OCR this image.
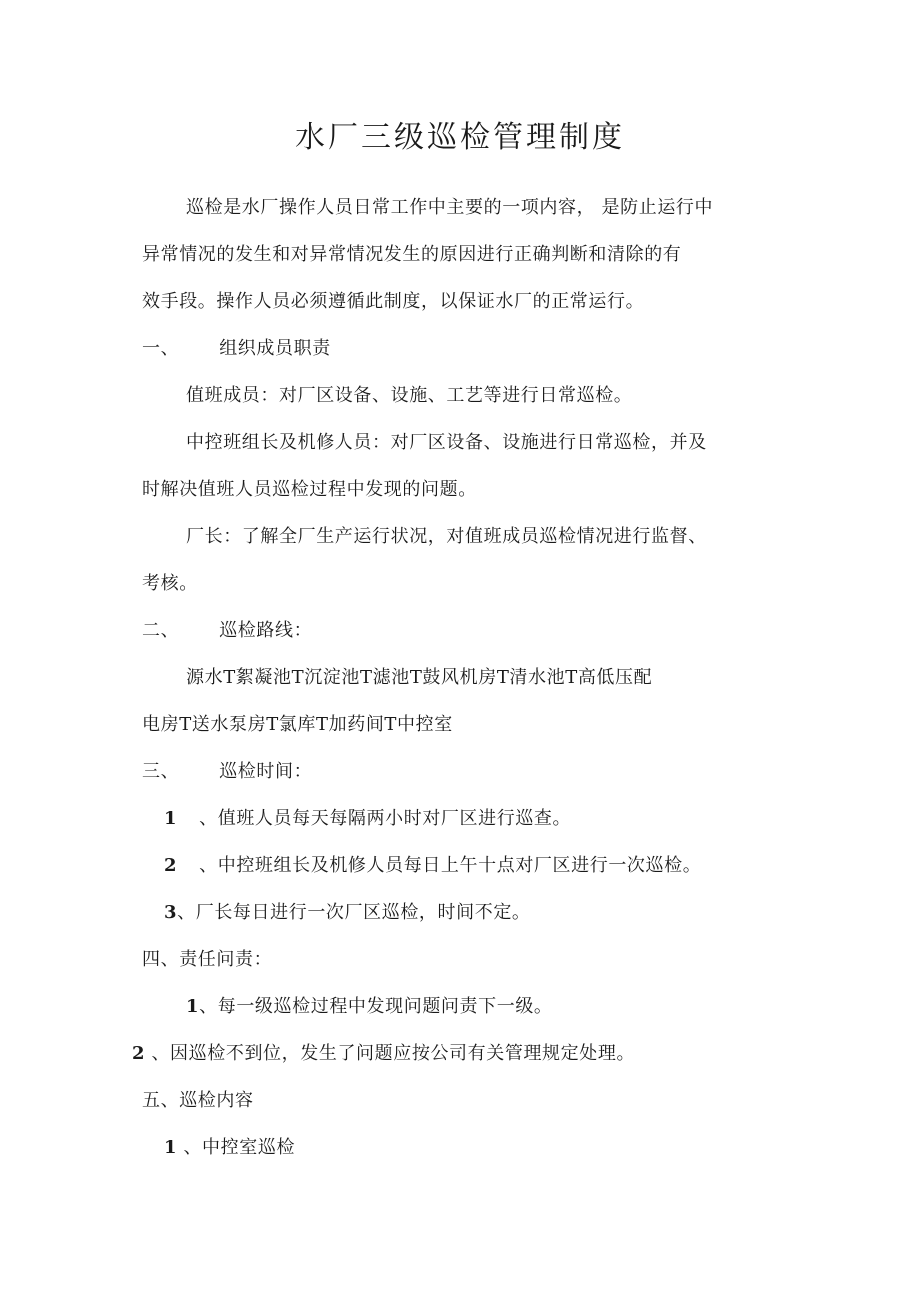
水厂三级巡检管理制度
巡检是水厂操作人员日常工作中主要的一项内容， 是防止运行中
异常情况的发生和对异常情况发生的原因进行正确判断和清除的有
效手段。操作人员必须遵循此制度，以保证水厂的正常运行。
一、 组织成员职责
值班成员：对厂区设备、设施、工艺等进行日常巡检。
中控班组长及机修人员：对厂区设备、设施进行日常巡检，并及
时解决值班人员巡检过程中发现的问题。
厂长：了解全厂生产运行状况，对值班成员巡检情况进行监督、
考核。
二、 巡检路线：
源水T絮凝池T沉淀池T滤池T鼓风机房T清水池T高低压配
电房T送水泵房T氯库T加药间T中控室
三、 巡检时间：
1 、值班人员每天每隔两小时对厂区进行巡查。
2 、中控班组长及机修人员每日上午十点对厂区进行一次巡检。
3、厂长每日进行一次厂区巡检，时间不定。
四、责任问责：
1、每一级巡检过程中发现问题问责下一级。
2 、因巡检不到位，发生了问题应按公司有关管理规定处理。
五、巡检内容
1 、中控室巡检
